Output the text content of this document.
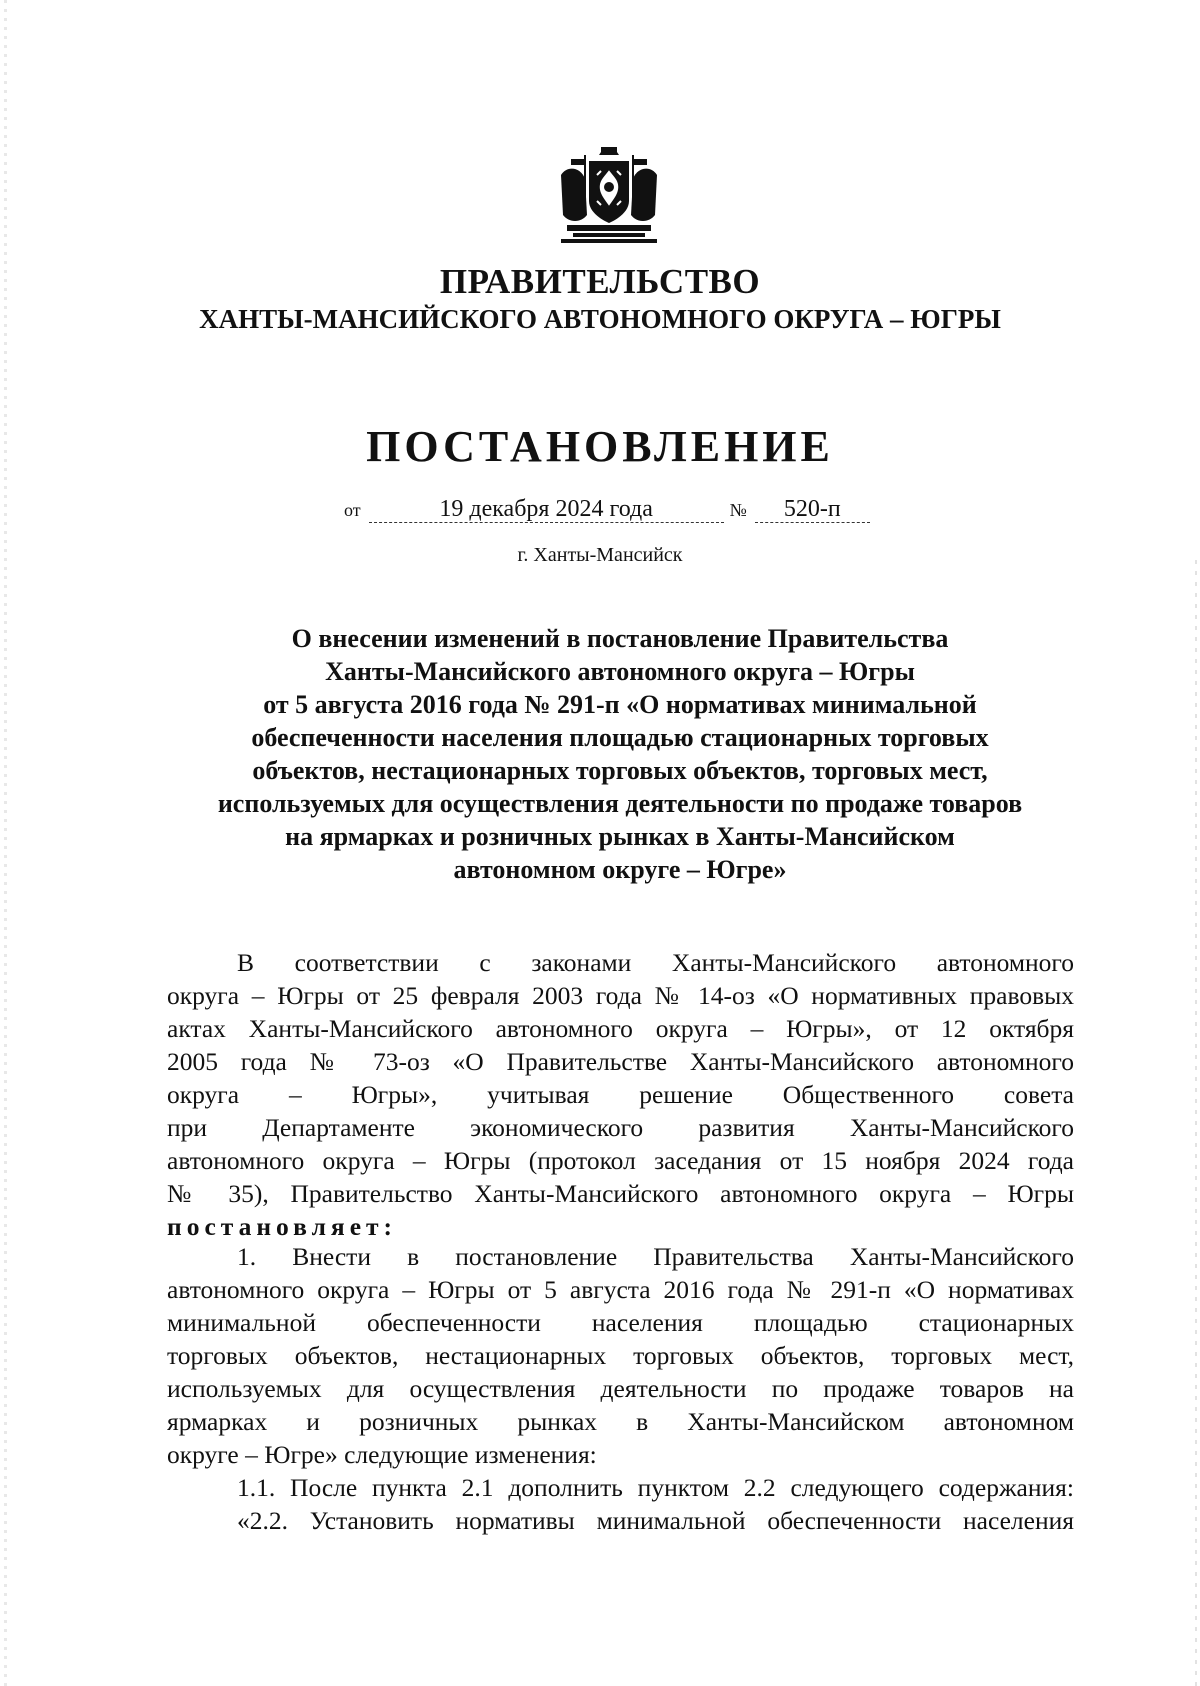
ПРАВИТЕЛЬСТВО
ХАНТЫ-МАНСИЙСКОГО АВТОНОМНОГО ОКРУГА – ЮГРЫ
ПОСТАНОВЛЕНИЕ
от	19 декабря 2024 года	№ 520-п
г. Ханты-Мансийск
О внесении изменений в постановление Правительства
Ханты-Мансийского автономного округа – Югры
от 5 августа 2016 года № 291-п «О нормативах минимальной
обеспеченности населения площадью стационарных торговых
объектов, нестационарных торговых объектов, торговых мест,
используемых для осуществления деятельности по продаже товаров
на ярмарках и розничных рынках в Ханты-Мансийском
автономном округе – Югре»
В соответствии с законами Ханты-Мансийского автономного
округа – Югры от 25 февраля 2003 года № 14-оз «О нормативных правовых
актах Ханты-Мансийского автономного округа – Югры», от 12 октября
2005 года № 73-оз «О Правительстве Ханты-Мансийского автономного
округа – Югры», учитывая решение Общественного совета
при Департаменте экономического развития Ханты-Мансийского
автономного округа – Югры (протокол заседания от 15 ноября 2024 года
№ 35), Правительство Ханты-Мансийского автономного округа – Югры
постановляет:
1. Внести в постановление Правительства Ханты-Мансийского
автономного округа – Югры от 5 августа 2016 года № 291-п «О нормативах
минимальной обеспеченности населения площадью стационарных
торговых объектов, нестационарных торговых объектов, торговых мест,
используемых для осуществления деятельности по продаже товаров на
ярмарках и розничных рынках в Ханты-Мансийском автономном
округе – Югре» следующие изменения:
1.1. После пункта 2.1 дополнить пунктом 2.2 следующего содержания:
«2.2. Установить нормативы минимальной обеспеченности населения
